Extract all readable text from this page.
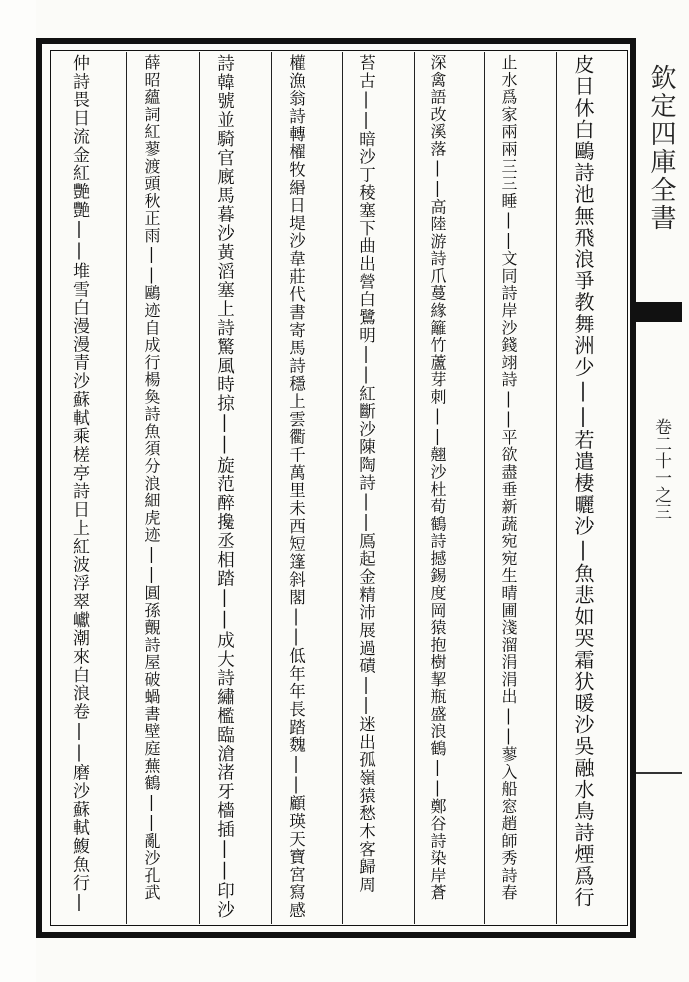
欽定四庫全書
卷二十一之三
皮日休白鷗詩池無飛浪爭教舞洲少||若遣棲曬沙|魚悲如哭霜犾暖沙吳融水鳥詩煙爲行
止水爲家兩兩三三睡||文同詩岸沙錢翊詩||平欲盡垂新蔬宛宛生晴圃淺溜涓涓出||蓼入船窓趙師秀詩春
深禽語改溪落||高陸游詩爪蔓緣籬竹蘆芽刺||翹沙杜荀鶴詩撼錫度岡猿抱樹挈瓶盛浪鶴||鄭谷詩染岸蒼
苔古||暗沙丁稜塞下曲出營白鷺明||紅斷沙陳陶詩||鳫起金精沛展過磧||迷出孤嶺猿愁木客歸周
權漁翁詩轉櫂牧緡日堤沙韋莊代書寄馬詩穩上雲衢千萬里未西短篷斜閣||低年年長踏魏||顧瑛天寶宮寫感
詩韓號並騎官廐馬暮沙黃滔塞上詩驚風時掠||旋范醉攙丞相踏||成大詩繡檻臨滄渚牙檣插||印沙
薛昭蘊詞紅蓼渡頭秋正雨||鷗迹自成行楊奐詩魚須分浪細虎迹||圓孫覿詩屋破蝸書壁庭蕪鶴||亂沙孔武
仲詩畏日流金紅艷艷||堆雪白漫漫青沙蘇軾乘槎亭詩日上紅波浮翠巘潮來白浪卷||磨沙蘇軾鰒魚行|
